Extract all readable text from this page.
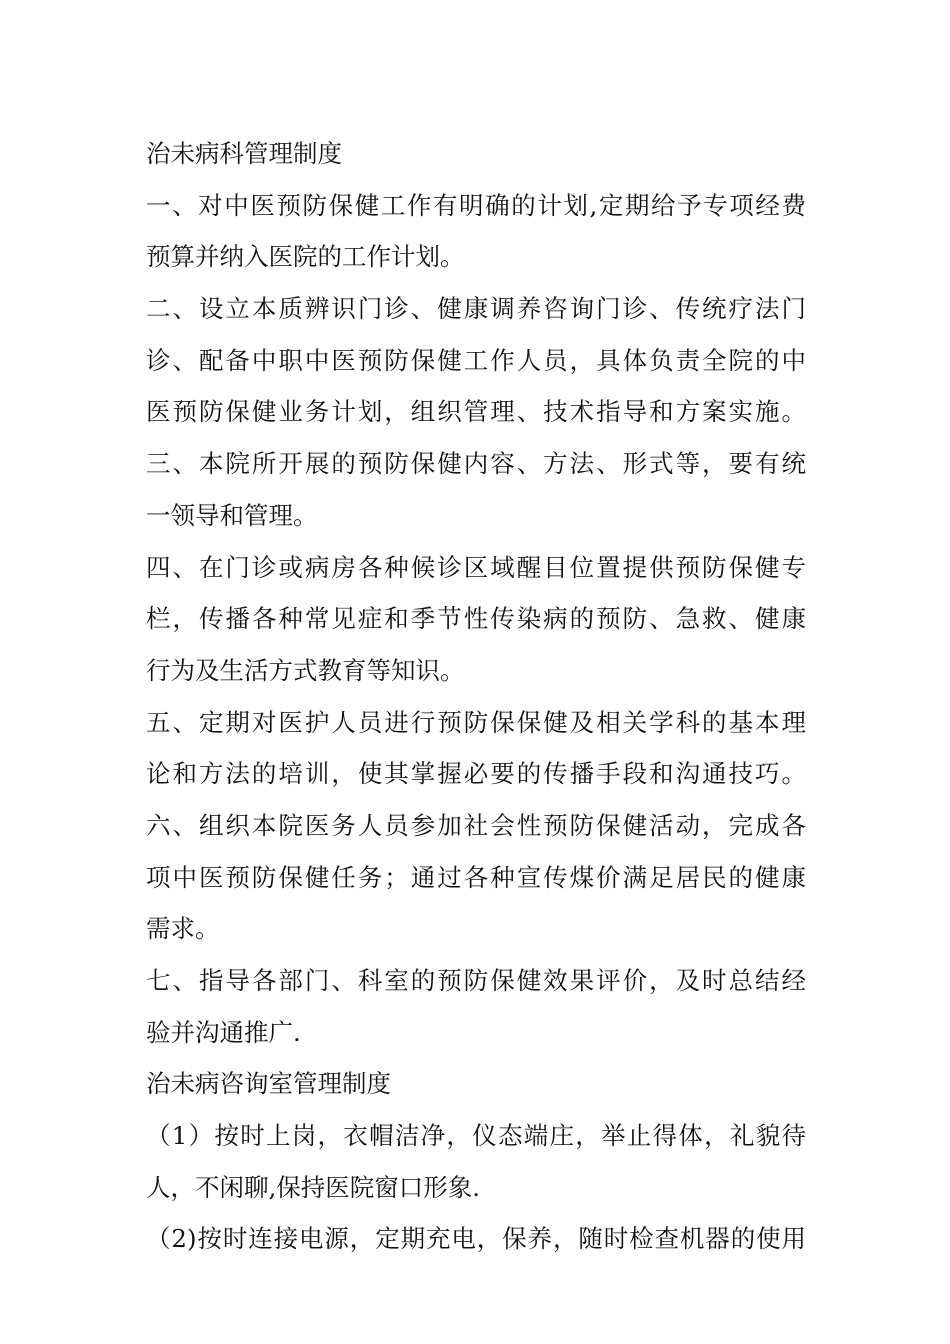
治未病科管理制度
一、对中医预防保健工作有明确的计划,定期给予专项经费
预算并纳入医院的工作计划。
二、设立本质辨识门诊、健康调养咨询门诊、传统疗法门
诊、配备中职中医预防保健工作人员，具体负责全院的中
医预防保健业务计划，组织管理、技术指导和方案实施。
三、本院所开展的预防保健内容、方法、形式等，要有统
一领导和管理。
四、在门诊或病房各种候诊区域醒目位置提供预防保健专
栏，传播各种常见症和季节性传染病的预防、急救、健康
行为及生活方式教育等知识。
五、定期对医护人员进行预防保保健及相关学科的基本理
论和方法的培训，使其掌握必要的传播手段和沟通技巧。
六、组织本院医务人员参加社会性预防保健活动，完成各
项中医预防保健任务；通过各种宣传煤价满足居民的健康
需求。
七、指导各部门、科室的预防保健效果评价，及时总结经
验并沟通推广.
治未病咨询室管理制度
（1）按时上岗，衣帽洁净，仪态端庄，举止得体，礼貌待
人，不闲聊,保持医院窗口形象.
（2)按时连接电源，定期充电，保养，随时检查机器的使用
